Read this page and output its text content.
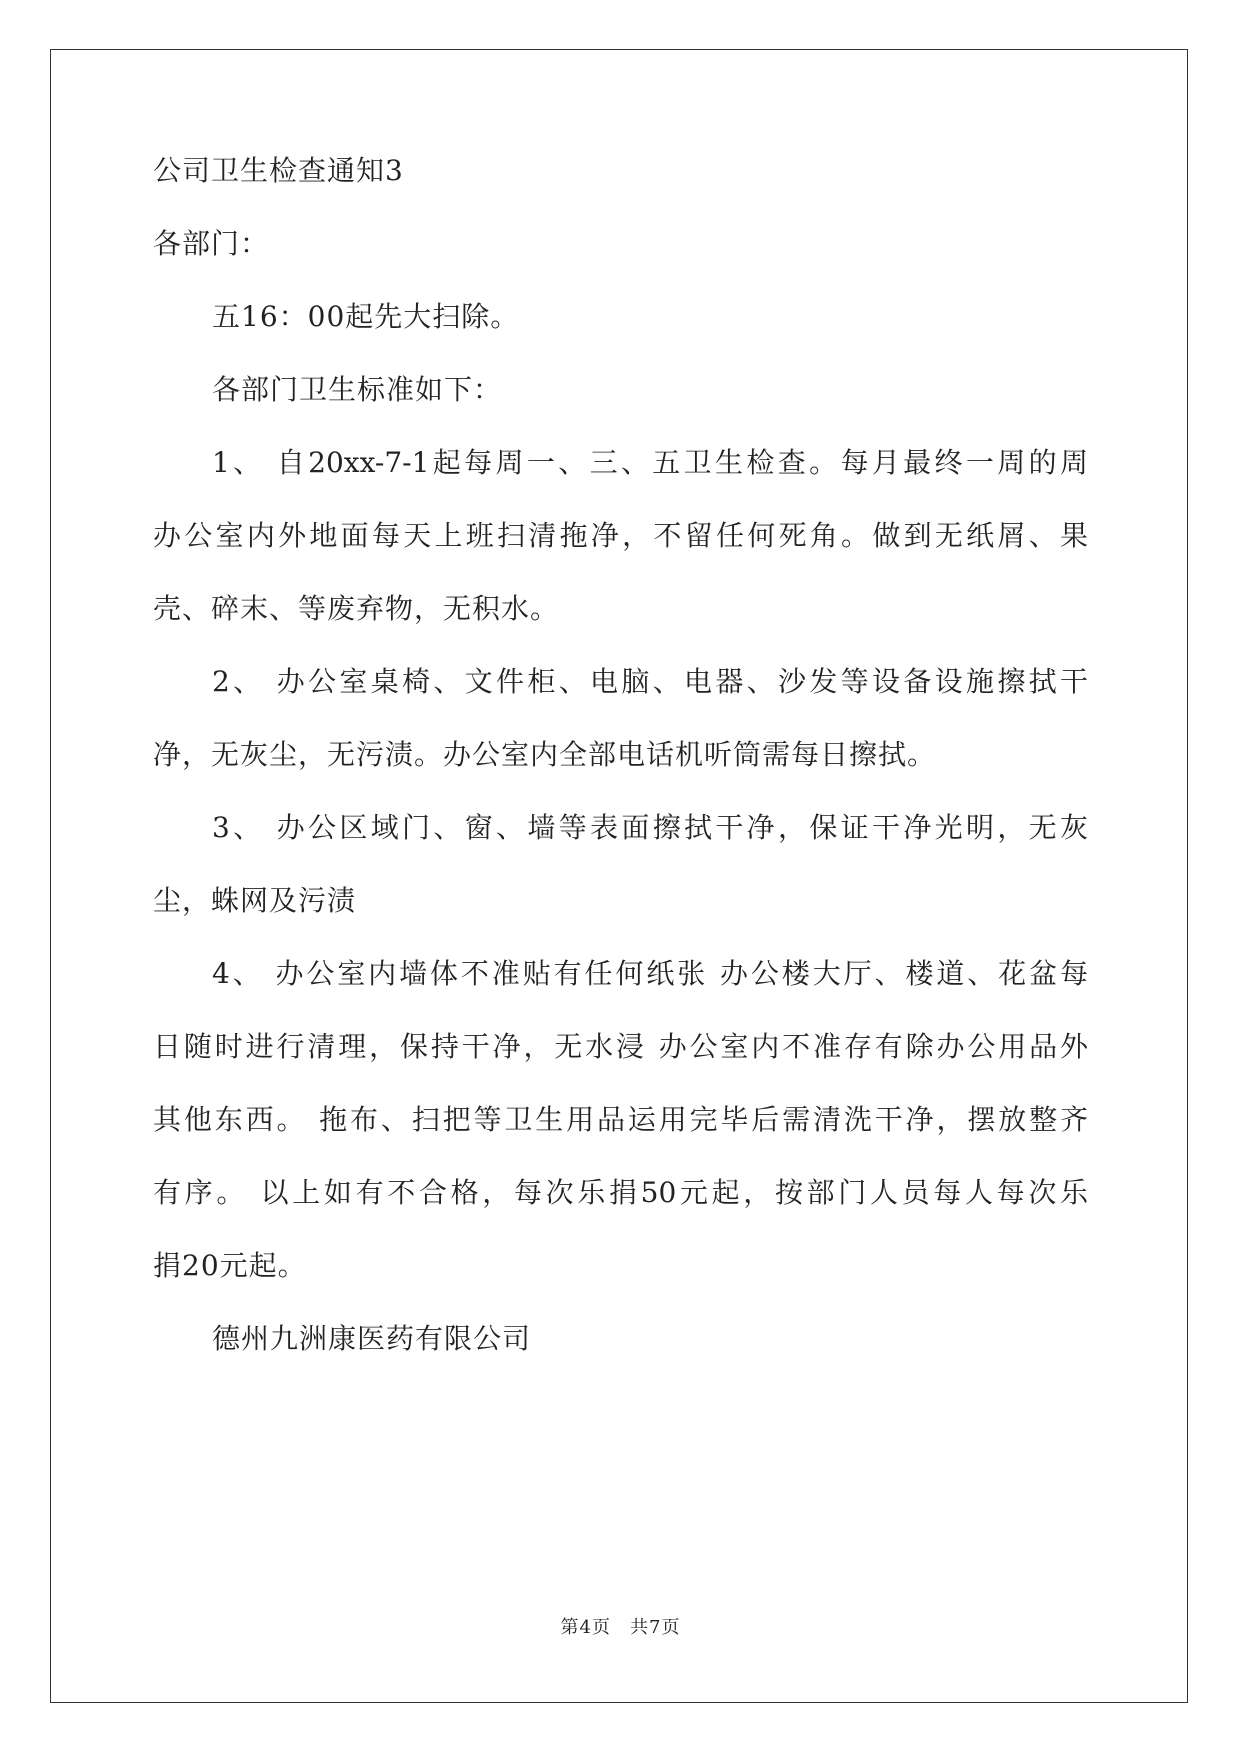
公司卫生检查通知3
各部门：
五16：00起先大扫除。
各部门卫生标准如下：
1、 自20xx-7-1起每周一、三、五卫生检查。每月最终一周的周
办公室内外地面每天上班扫清拖净，不留任何死角。做到无纸屑、果
壳、碎末、等废弃物，无积水。
2、 办公室桌椅、文件柜、电脑、电器、沙发等设备设施擦拭干
净，无灰尘，无污渍。办公室内全部电话机听筒需每日擦拭。
3、 办公区域门、窗、墙等表面擦拭干净，保证干净光明，无灰
尘，蛛网及污渍
4、 办公室内墙体不准贴有任何纸张 办公楼大厅、楼道、花盆每
日随时进行清理，保持干净，无水浸 办公室内不准存有除办公用品外
其他东西。 拖布、扫把等卫生用品运用完毕后需清洗干净，摆放整齐
有序。 以上如有不合格，每次乐捐50元起，按部门人员每人每次乐
捐20元起。
德州九洲康医药有限公司
第4页　共7页
